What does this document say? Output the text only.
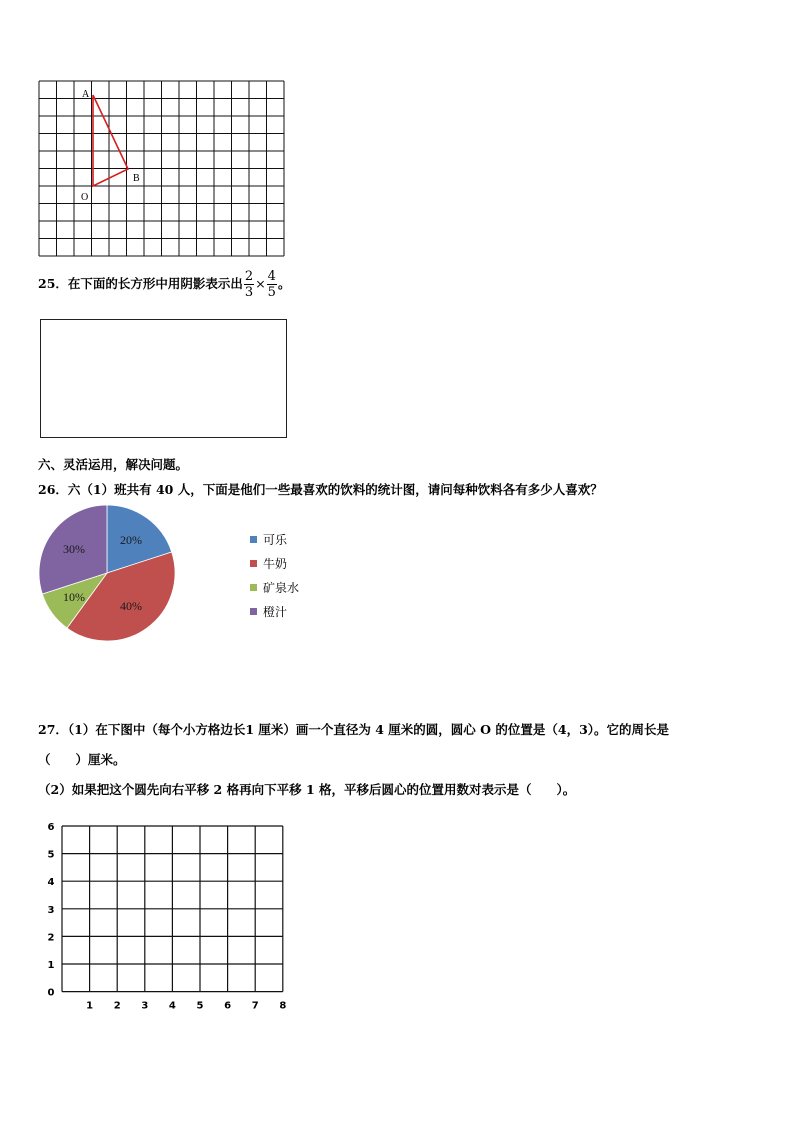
A
B
O
25．在下面的长方形中用阴影表示出 $\frac{2}{3} \times \frac{4}{5}$ 。
六、灵活运用，解决问题。
26．六（1）班共有 40 人，下面是他们一些最喜欢的饮料的统计图，请问每种饮料各有多少人喜欢？
20%
40%
10%
30%
可乐
牛奶
矿泉水
橙汁
27．（1）在下图中（每个小方格边长1 厘米）画一个直径为 4 厘米的圆，圆心 O 的位置是（4，3）。它的周长是
（　　）厘米。
（2）如果把这个圆先向右平移 2 格再向下平移 1 格，平移后圆心的位置用数对表示是（　　）。
0
1
2
3
4
5
6
1 2 3 4 5 6 7 8
